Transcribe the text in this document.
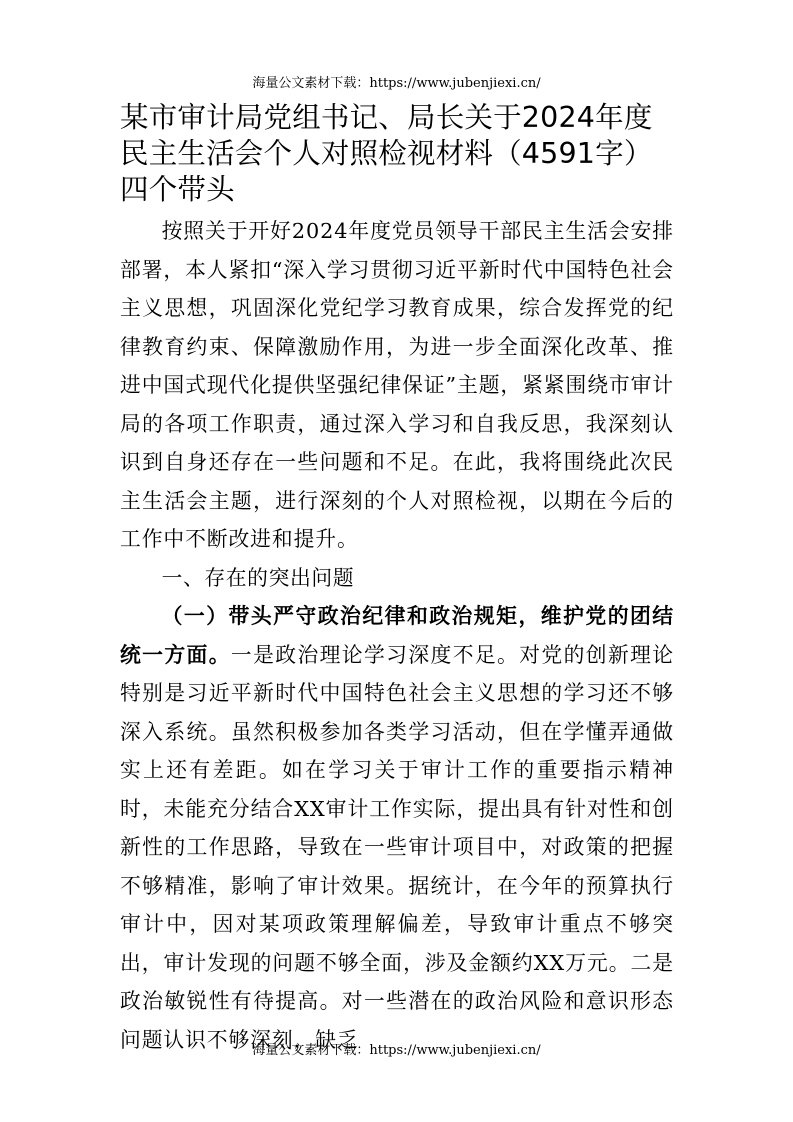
海量公文素材下载：https://www.jubenjiexi.cn/
某市审计局党组书记、局长关于2024年度民主生活会个人对照检视材料（4591字）四个带头

按照关于开好2024年度党员领导干部民主生活会安排部署，本人紧扣“深入学习贯彻习近平新时代中国特色社会主义思想，巩固深化党纪学习教育成果，综合发挥党的纪律教育约束、保障激励作用，为进一步全面深化改革、推进中国式现代化提供坚强纪律保证”主题，紧紧围绕市审计局的各项工作职责，通过深入学习和自我反思，我深刻认识到自身还存在一些问题和不足。在此，我将围绕此次民主生活会主题，进行深刻的个人对照检视，以期在今后的工作中不断改进和提升。

一、存在的突出问题

（一）带头严守政治纪律和政治规矩，维护党的团结统一方面。一是政治理论学习深度不足。对党的创新理论特别是习近平新时代中国特色社会主义思想的学习还不够深入系统。虽然积极参加各类学习活动，但在学懂弄通做实上还有差距。如在学习关于审计工作的重要指示精神时，未能充分结合XX审计工作实际，提出具有针对性和创新性的工作思路，导致在一些审计项目中，对政策的把握不够精准，影响了审计效果。据统计，在今年的预算执行审计中，因对某项政策理解偏差，导致审计重点不够突出，审计发现的问题不够全面，涉及金额约XX万元。二是政治敏锐性有待提高。对一些潜在的政治风险和意识形态问题认识不够深刻，缺乏

海量公文素材下载：https://www.jubenjiexi.cn/
